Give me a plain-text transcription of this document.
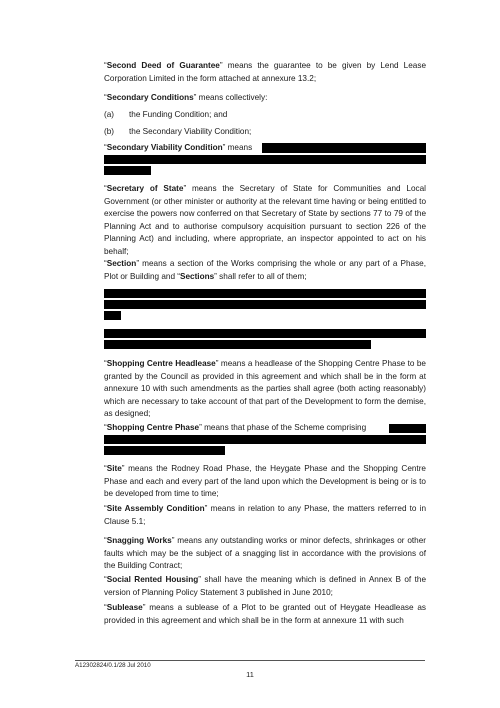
“Second Deed of Guarantee” means the guarantee to be given by Lend Lease Corporation Limited in the form attached at annexure 13.2;

“Secondary Conditions” means collectively:

(a) the Funding Condition; and
(b) the Secondary Viability Condition;

“Secondary Viability Condition” means

“Secretary of State” means the Secretary of State for Communities and Local Government (or other minister or authority at the relevant time having or being entitled to exercise the powers now conferred on that Secretary of State by sections 77 to 79 of the Planning Act and to authorise compulsory acquisition pursuant to section 226 of the Planning Act) and including, where appropriate, an inspector appointed to act on his behalf;

“Section” means a section of the Works comprising the whole or any part of a Phase, Plot or Building and “Sections” shall refer to all of them;

“Shopping Centre Headlease” means a headlease of the Shopping Centre Phase to be granted by the Council as provided in this agreement and which shall be in the form at annexure 10 with such amendments as the parties shall agree (both acting reasonably) which are necessary to take account of that part of the Development to form the demise, as designed;

“Shopping Centre Phase” means that phase of the Scheme comprising

“Site” means the Rodney Road Phase, the Heygate Phase and the Shopping Centre Phase and each and every part of the land upon which the Development is being or is to be developed from time to time;

“Site Assembly Condition” means in relation to any Phase, the matters referred to in Clause 5.1;

“Snagging Works” means any outstanding works or minor defects, shrinkages or other faults which may be the subject of a snagging list in accordance with the provisions of the Building Contract;

“Social Rented Housing” shall have the meaning which is defined in Annex B of the version of Planning Policy Statement 3 published in June 2010;

“Sublease” means a sublease of a Plot to be granted out of Heygate Headlease as provided in this agreement and which shall be in the form at annexure 11 with such

A12302824/0.1/28 Jul 2010
11
